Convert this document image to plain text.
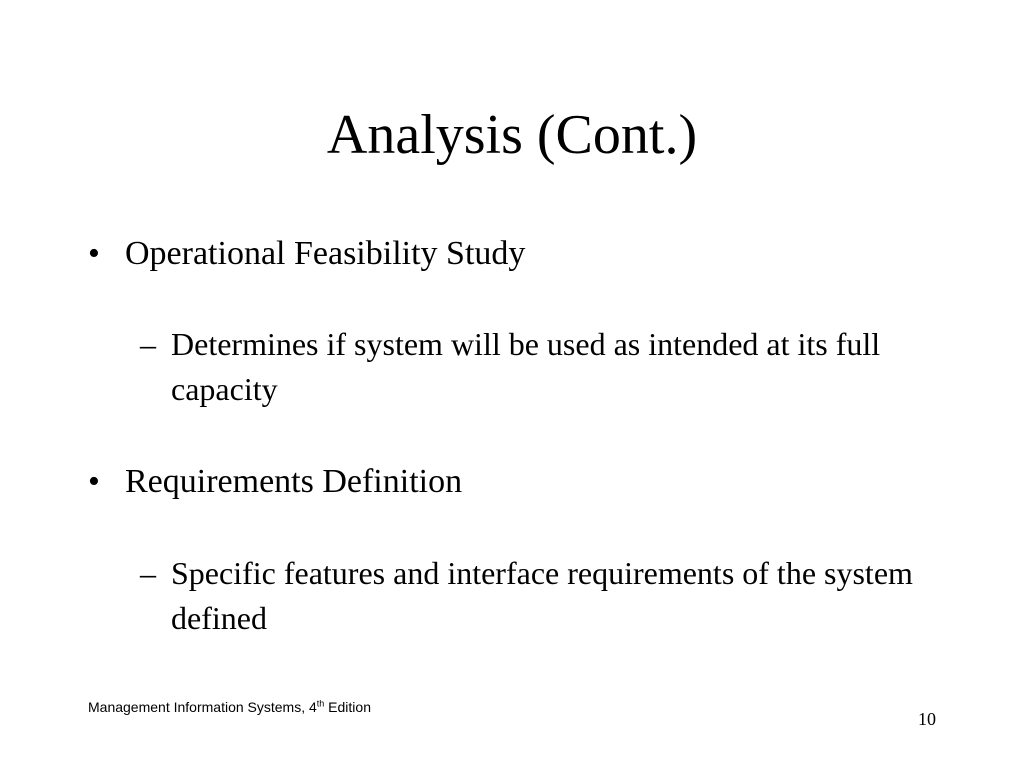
Analysis (Cont.)
• Operational Feasibility Study
– Determines if system will be used as intended at its full capacity
• Requirements Definition
– Specific features and interface requirements of the system defined
Management Information Systems, 4th Edition
10
